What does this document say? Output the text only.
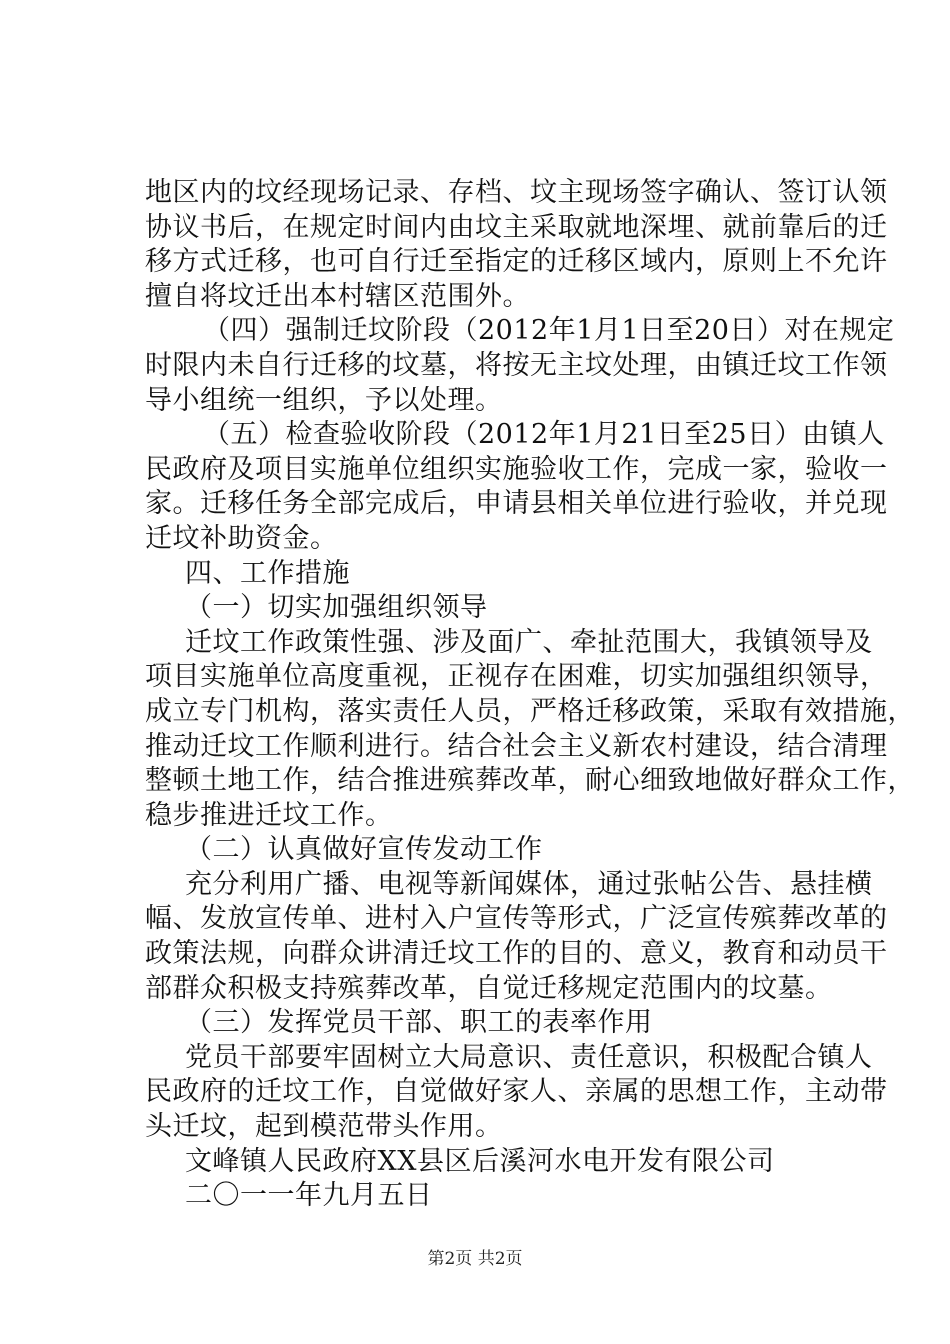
地区内的坟经现场记录、存档、坟主现场签字确认、签订认领
协议书后，在规定时间内由坟主采取就地深埋、就前靠后的迁
移方式迁移，也可自行迁至指定的迁移区域内，原则上不允许
擅自将坟迁出本村辖区范围外。
（四）强制迁坟阶段（2012年1月1日至20日）对在规定
时限内未自行迁移的坟墓，将按无主坟处理，由镇迁坟工作领
导小组统一组织，予以处理。
（五）检查验收阶段（2012年1月21日至25日）由镇人
民政府及项目实施单位组织实施验收工作，完成一家，验收一
家。迁移任务全部完成后，申请县相关单位进行验收，并兑现
迁坟补助资金。
四、工作措施
（一）切实加强组织领导
迁坟工作政策性强、涉及面广、牵扯范围大，我镇领导及
项目实施单位高度重视，正视存在困难，切实加强组织领导，
成立专门机构，落实责任人员，严格迁移政策，采取有效措施，
推动迁坟工作顺利进行。结合社会主义新农村建设，结合清理
整顿土地工作，结合推进殡葬改革，耐心细致地做好群众工作，
稳步推进迁坟工作。
（二）认真做好宣传发动工作
充分利用广播、电视等新闻媒体，通过张帖公告、悬挂横
幅、发放宣传单、进村入户宣传等形式，广泛宣传殡葬改革的
政策法规，向群众讲清迁坟工作的目的、意义，教育和动员干
部群众积极支持殡葬改革，自觉迁移规定范围内的坟墓。
（三）发挥党员干部、职工的表率作用
党员干部要牢固树立大局意识、责任意识，积极配合镇人
民政府的迁坟工作，自觉做好家人、亲属的思想工作，主动带
头迁坟，起到模范带头作用。
文峰镇人民政府XX县区后溪河水电开发有限公司
二〇一一年九月五日
第2页 共2页
